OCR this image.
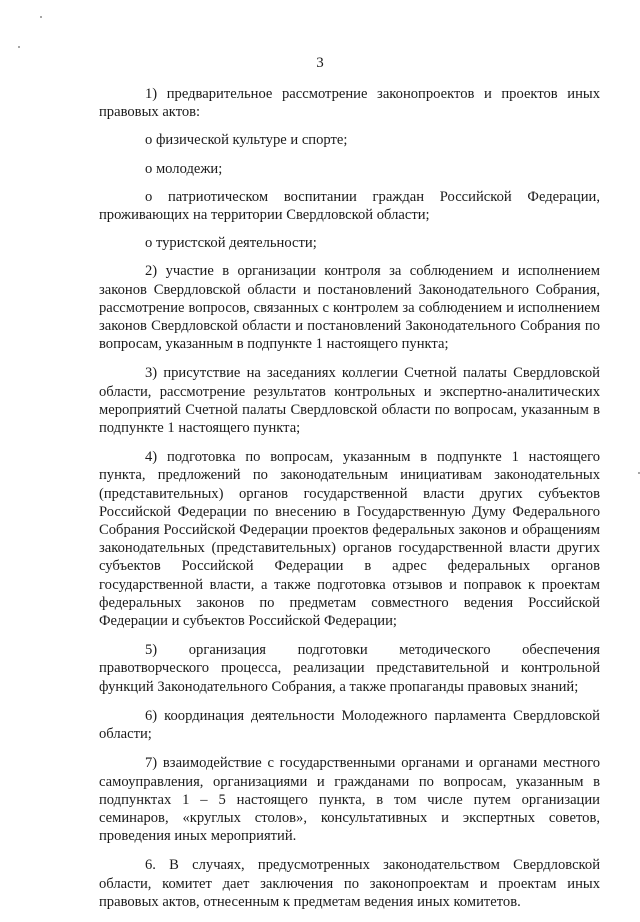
3

1) предварительное рассмотрение законопроектов и проектов иных правовых актов:

о физической культуре и спорте;

о молодежи;

о патриотическом воспитании граждан Российской Федерации, проживающих на территории Свердловской области;

о туристской деятельности;

2) участие в организации контроля за соблюдением и исполнением законов Свердловской области и постановлений Законодательного Собрания, рассмотрение вопросов, связанных с контролем за соблюдением и исполнением законов Свердловской области и постановлений Законодательного Собрания по вопросам, указанным в подпункте 1 настоящего пункта;

3) присутствие на заседаниях коллегии Счетной палаты Свердловской области, рассмотрение результатов контрольных и экспертно-аналитических мероприятий Счетной палаты Свердловской области по вопросам, указанным в подпункте 1 настоящего пункта;

4) подготовка по вопросам, указанным в подпункте 1 настоящего пункта, предложений по законодательным инициативам законодательных (представительных) органов государственной власти других субъектов Российской Федерации по внесению в Государственную Думу Федерального Собрания Российской Федерации проектов федеральных законов и обращениям законодательных (представительных) органов государственной власти других субъектов Российской Федерации в адрес федеральных органов государственной власти, а также подготовка отзывов и поправок к проектам федеральных законов по предметам совместного ведения Российской Федерации и субъектов Российской Федерации;

5) организация подготовки методического обеспечения правотворческого процесса, реализации представительной и контрольной функций Законодательного Собрания, а также пропаганды правовых знаний;

6) координация деятельности Молодежного парламента Свердловской области;

7) взаимодействие с государственными органами и органами местного самоуправления, организациями и гражданами по вопросам, указанным в подпунктах 1 – 5 настоящего пункта, в том числе путем организации семинаров, «круглых столов», консультативных и экспертных советов, проведения иных мероприятий.

6. В случаях, предусмотренных законодательством Свердловской области, комитет дает заключения по законопроектам и проектам иных правовых актов, отнесенным к предметам ведения иных комитетов.
